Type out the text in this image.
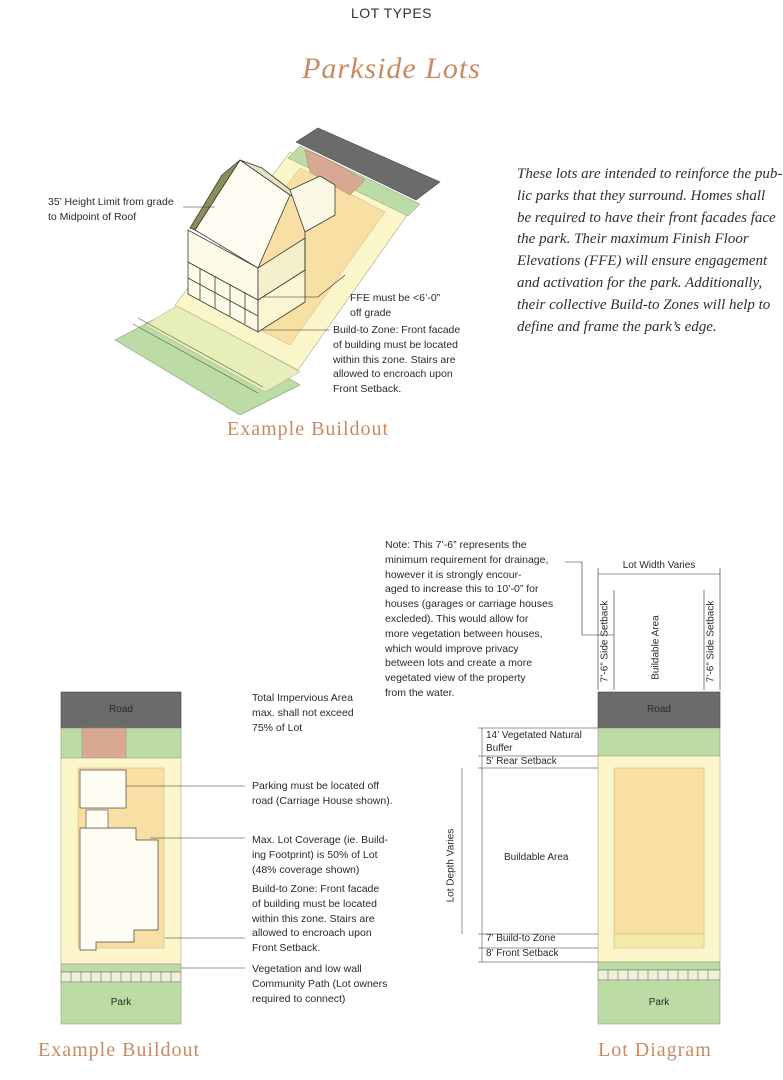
LOT TYPES
Parkside Lots
These lots are intended to reinforce the pub-
lic parks that they surround. Homes shall
be required to have their front facades face
the park. Their maximum Finish Floor
Elevations (FFE) will ensure engagement
and activation for the park. Additionally,
their collective Build-to Zones will help to
define and frame the park’s edge.
35’ Height Limit from grade
to Midpoint of Roof
FFE must be <6’-0”
off grade
Build-to Zone: Front facade
of building must be located
within this zone. Stairs are
allowed to encroach upon
Front Setback.
Example Buildout
Road
Park
Total Impervious Area
max. shall not exceed
75% of Lot
Parking must be located off
road (Carriage House shown).
Max. Lot Coverage (ie. Build-
ing Footprint) is 50% of Lot
(48% coverage shown)
Build-to Zone: Front facade
of building must be located
within this zone. Stairs are
allowed to encroach upon
Front Setback.
Vegetation and low wall
Community Path (Lot owners
required to connect)
Example Buildout
Note: This 7’-6” represents the
minimum requirement for drainage,
however it is strongly encour-
aged to increase this to 10’-0” for
houses (garages or carriage houses
excleded). This would allow for
more vegetation between houses,
which would improve privacy
between lots and create a more
vegetated view of the property
from the water.
Lot Width Varies
7’-6” Side Setback	Buildable Area	7’-6” Side Setback
Road
Park
14’ Vegetated Natural
Buffer
5’ Rear Setback
Lot Depth Varies	Buildable Area
7’ Build-to Zone
8’ Front Setback
Lot Diagram
